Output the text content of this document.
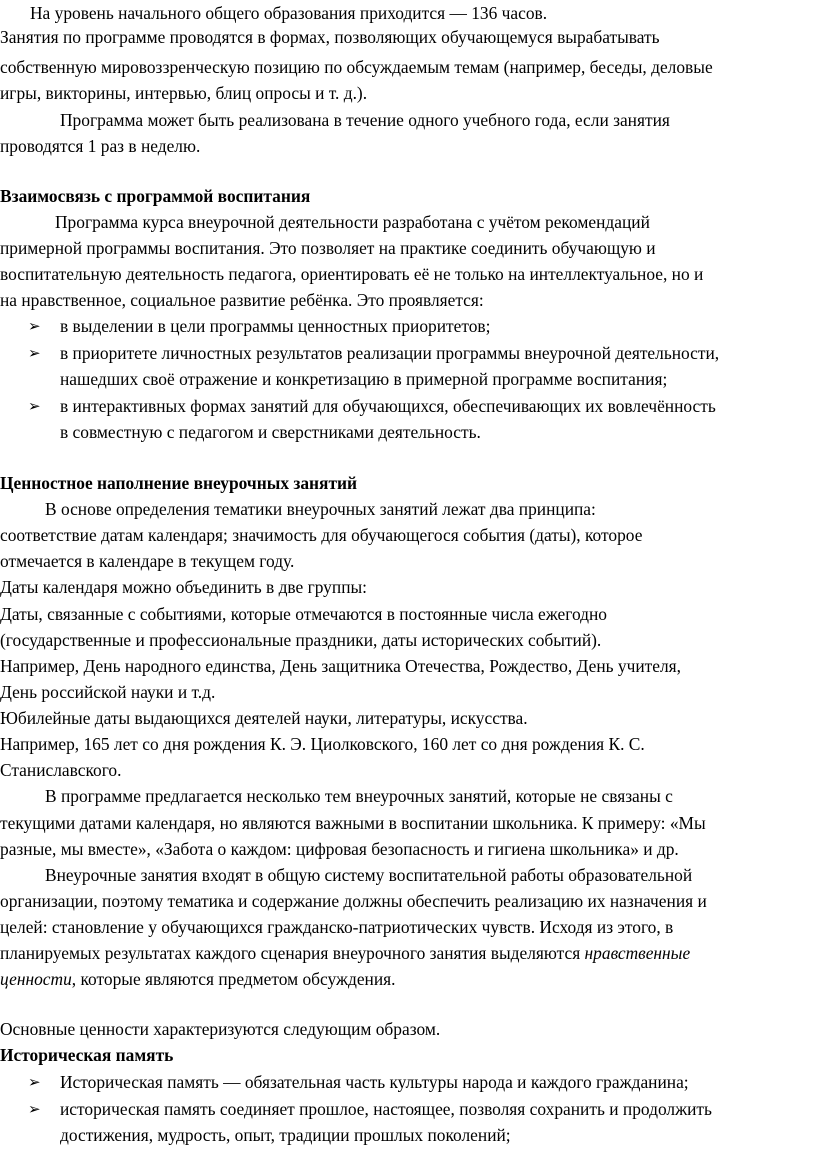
На уровень начального общего образования приходится — 136 часов.
Занятия по программе проводятся в формах, позволяющих обучающемуся вырабатывать
собственную мировоззренческую позицию по обсуждаемым темам (например, беседы, деловые
игры, викторины, интервью, блиц опросы и т. д.).
Программа может быть реализована в течение одного учебного года, если занятия
проводятся 1 раз в неделю.
Взаимосвязь с программой воспитания
Программа курса внеурочной деятельности разработана с учётом рекомендаций
примерной программы воспитания. Это позволяет на практике соединить обучающую и
воспитательную деятельность педагога, ориентировать её не только на интеллектуальное, но и
на нравственное, социальное развитие ребёнка. Это проявляется:
➢ в выделении в цели программы ценностных приоритетов;
➢ в приоритете личностных результатов реализации программы внеурочной деятельности,
нашедших своё отражение и конкретизацию в примерной программе воспитания;
➢ в интерактивных формах занятий для обучающихся, обеспечивающих их вовлечённость
в совместную с педагогом и сверстниками деятельность.
Ценностное наполнение внеурочных занятий
В основе определения тематики внеурочных занятий лежат два принципа:
соответствие датам календаря; значимость для обучающегося события (даты), которое
отмечается в календаре в текущем году.
Даты календаря можно объединить в две группы:
Даты, связанные с событиями, которые отмечаются в постоянные числа ежегодно
(государственные и профессиональные праздники, даты исторических событий).
Например, День народного единства, День защитника Отечества, Рождество, День учителя,
День российской науки и т.д.
Юбилейные даты выдающихся деятелей науки, литературы, искусства.
Например, 165 лет со дня рождения К. Э. Циолковского, 160 лет со дня рождения К. С.
Станиславского.
В программе предлагается несколько тем внеурочных занятий, которые не связаны с
текущими датами календаря, но являются важными в воспитании школьника. К примеру: «Мы
разные, мы вместе», «Забота о каждом: цифровая безопасность и гигиена школьника» и др.
Внеурочные занятия входят в общую систему воспитательной работы образовательной
организации, поэтому тематика и содержание должны обеспечить реализацию их назначения и
целей: становление у обучающихся гражданско-патриотических чувств. Исходя из этого, в
планируемых результатах каждого сценария внеурочного занятия выделяются нравственные
ценности, которые являются предметом обсуждения.
Основные ценности характеризуются следующим образом.
Историческая память
➢ Историческая память — обязательная часть культуры народа и каждого гражданина;
➢ историческая память соединяет прошлое, настоящее, позволяя сохранить и продолжить
достижения, мудрость, опыт, традиции прошлых поколений;
